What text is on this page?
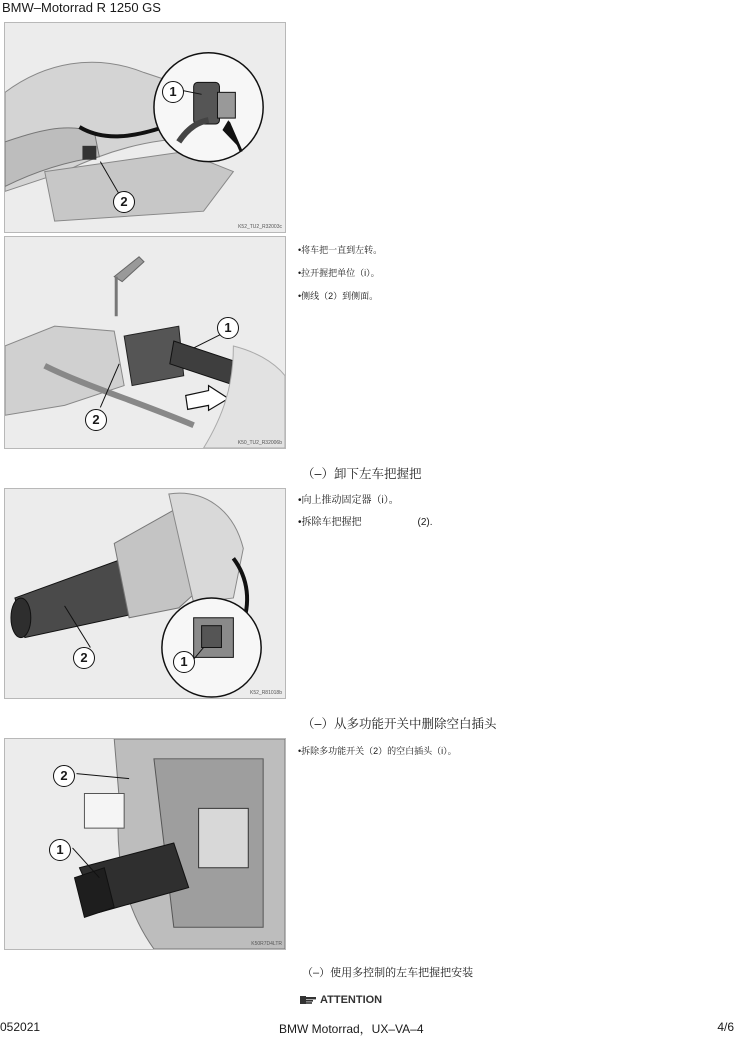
BMW–Motorrad R 1250 GS
1
2
K52_TU2_R32003c
1
2
K50_TU2_R32006b
•将车把一直到左转。
•拉开握把单位（i）。
•侧线（2）到侧面。
（–）卸下左车把握把
2	1
K52_R81018b
•向上推动固定器（i）。
•拆除车把握把	(2).
（–）从多功能开关中删除空白插头
2
1
K50R7D4LTR
•拆除多功能开关（2）的空白插头（i）。
（–）使用多控制的左车把握把安装
ATTENTION
052021	BMW Motorrad，UX–VA–4	4/6
